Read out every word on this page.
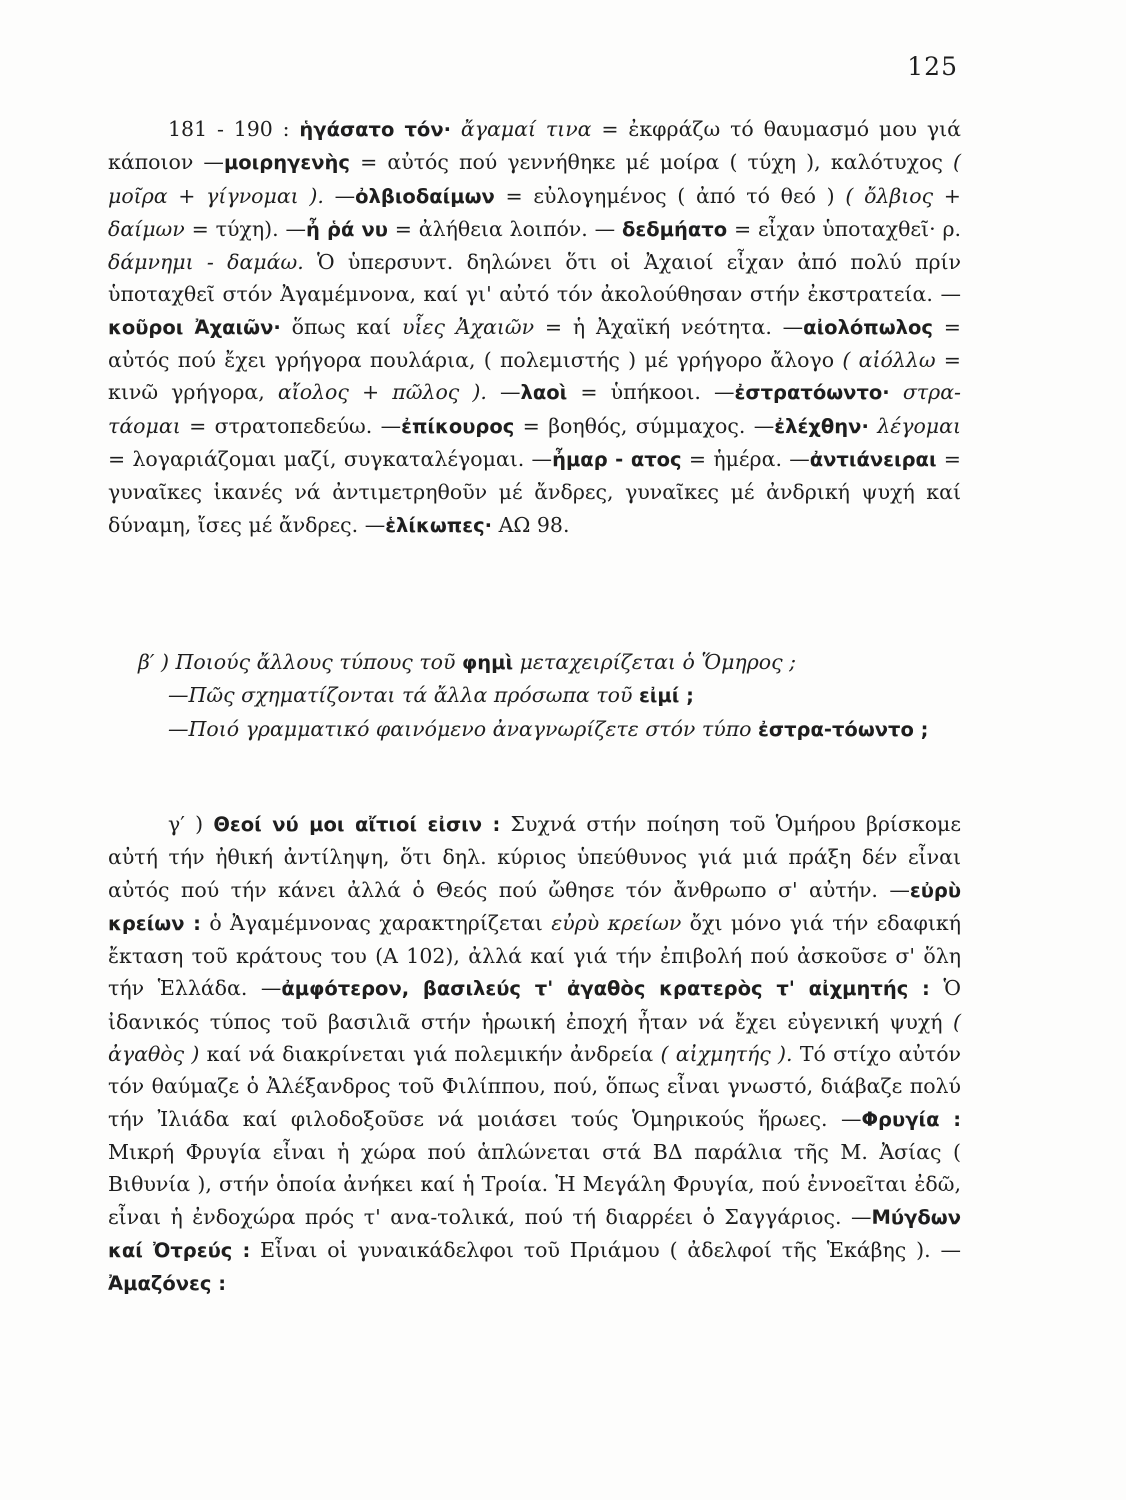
125

181 - 190 : ἡγάσατο τόν· ἄγαμαί τινα = ἐκφράζω τό θαυμασμό μου γιά κάποιον —μοιρηγενὴς = αὐτός πού γεννήθηκε μέ μοίρα ( τύχη ), καλότυχος ( μοῖρα + γίγνομαι ). —ὀλβιοδαίμων = εὐλογημένος ( ἀπό τό θεό ) ( ὄλβιος + δαίμων = τύχη). —ἦ ῥά νυ = ἀλήθεια λοιπόν. — δεδμήατο = εἶχαν ὑποταχθεῖ· ρ. δάμνημι - δαμάω. Ὁ ὑπερσυντ. δηλώνει ὅτι οἱ Ἀχαιοί εἶχαν ἀπό πολύ πρίν ὑποταχθεῖ στόν Ἀγαμέμνονα, καί γι' αὐτό τόν ἀκολούθησαν στήν ἐκστρατεία. —κοῦροι Ἀχαιῶν· ὅπως καί υἷες Ἀχαιῶν = ἡ Ἀχαϊκή νεότητα. —αἰολόπωλος = αὐτός πού ἔχει γρήγορα πουλάρια, ( πολεμιστής ) μέ γρήγορο ἄλογο ( αἰόλλω = κινῶ γρήγορα, αἴολος + πῶλος ). —λαοὶ = ὑπήκοοι. —ἐστρατόωντο· στρα-τάομαι = στρατοπεδεύω. —ἐπίκουρος = βοηθός, σύμμαχος. —ἐλέχθην· λέγομαι = λογαριάζομαι μαζί, συγκαταλέγομαι. —ἦμαρ - ατος = ἡμέρα. —ἀντιάνειραι = γυναῖκες ἱκανές νά ἀντιμετρηθοῦν μέ ἄνδρες, γυναῖκες μέ ἀνδρική ψυχή καί δύναμη, ἴσες μέ ἄνδρες. —ἑλίκωπες· ΑΩ 98.

β′ ) Ποιούς ἄλλους τύπους τοῦ φημὶ μεταχειρίζεται ὁ Ὅμηρος ;

—Πῶς σχηματίζονται τά ἄλλα πρόσωπα τοῦ εἰμί ;

—Ποιό γραμματικό φαινόμενο ἀναγνωρίζετε στόν τύπο ἐστρα-τόωντο ;

γ′ ) Θεοί νύ μοι αἴτιοί εἰσιν : Συχνά στήν ποίηση τοῦ Ὁμήρου βρίσκομε αὐτή τήν ἠθική ἀντίληψη, ὅτι δηλ. κύριος ὑπεύθυνος γιά μιά πράξη δέν εἶναι αὐτός πού τήν κάνει ἀλλά ὁ Θεός πού ὤθησε τόν ἄνθρωπο σ' αὐτήν. —εὐρὺ κρείων : ὁ Ἀγαμέμνονας χαρακτηρίζεται εὐρὺ κρείων ὄχι μόνο γιά τήν εδαφική ἔκταση τοῦ κράτους του (Α 102), ἀλλά καί γιά τήν ἐπιβολή πού ἀσκοῦσε σ' ὅλη τήν Ἑλλάδα. —ἀμφότερον, βασιλεύς τ' ἀγαθὸς κρατερὸς τ' αἰχμητής : Ὁ ἰδανικός τύπος τοῦ βασιλιᾶ στήν ἡρωική ἐποχή ἦταν νά ἔχει εὐγενική ψυχή ( ἀγαθὸς ) καί νά διακρίνεται γιά πολεμικήν ἀνδρεία ( αἰχμητής ). Τό στίχο αὐτόν τόν θαύμαζε ὁ Ἀλέξανδρος τοῦ Φιλίππου, πού, ὅπως εἶναι γνωστό, διάβαζε πολύ τήν Ἰλιάδα καί φιλοδοξοῦσε νά μοιάσει τούς Ὁμηρικούς ἥρωες. —Φρυγία : Μικρή Φρυγία εἶναι ἡ χώρα πού ἁπλώνεται στά ΒΔ παράλια τῆς Μ. Ἀσίας ( Βιθυνία ), στήν ὁποία ἀνήκει καί ἡ Τροία. Ἡ Μεγάλη Φρυγία, πού ἐννοεῖται ἐδῶ, εἶναι ἡ ἐνδοχώρα πρός τ' ανα-τολικά, πού τή διαρρέει ὁ Σαγγάριος. —Μύγδων καί Ὀτρεύς : Εἶναι οἱ γυναικάδελφοι τοῦ Πριάμου ( ἀδελφοί τῆς Ἑκάβης ). —Ἀμαζόνες :
